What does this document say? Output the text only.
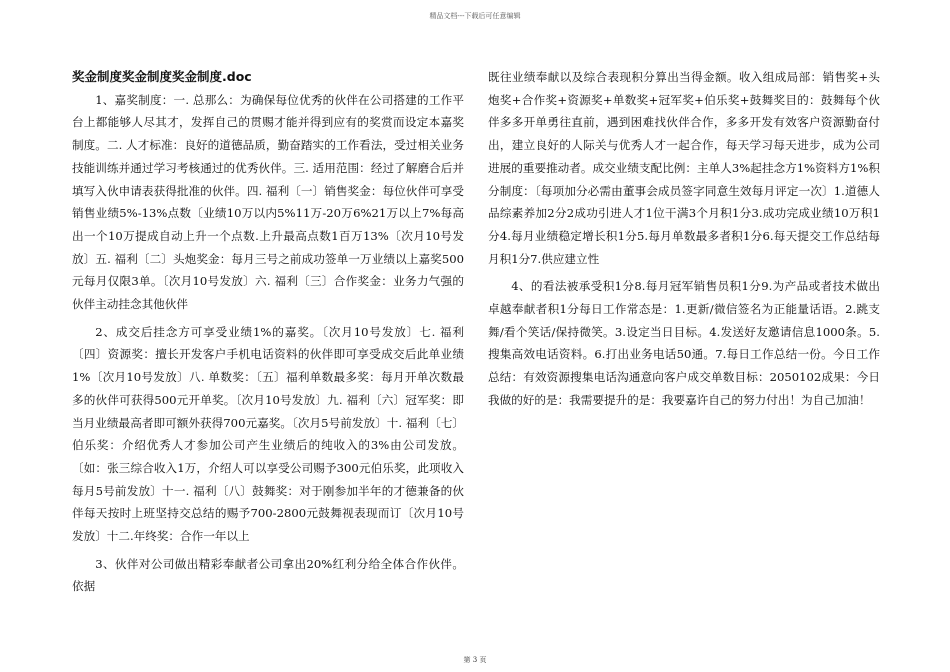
精品文档---下载后可任意编辑
奖金制度奖金制度奖金制度.doc

1、嘉奖制度：一. 总那么：为确保每位优秀的伙伴在公司搭建的工作平台上都能够人尽其才，发挥自己的贯赐才能并得到应有的奖赏而设定本嘉奖制度。二. 人才标准：良好的道德品质，勤奋踏实的工作看法，受过相关业务技能训练并通过学习考核通过的优秀伙伴。三. 适用范围：经过了解磨合后并填写入伙申请表获得批准的伙伴。四. 福利〔一〕销售奖金：每位伙伴可享受销售业绩5%-13%点数〔业绩10万以内5%11万-20万6%21万以上7%每高出一个10万提成自动上升一个点数.上升最高点数1百万13%〔次月10号发放〕五. 福利〔二〕头炮奖金：每月三号之前成功签单一万业绩以上嘉奖500元每月仅限3单。〔次月10号发放〕六. 福利〔三〕合作奖金：业务力气强的伙伴主动挂念其他伙伴

2、成交后挂念方可享受业绩1%的嘉奖。〔次月10号发放〕七. 福利〔四〕资源奖：擅长开发客户手机电话资料的伙伴即可享受成交后此单业绩1%〔次月10号发放〕八. 单数奖：〔五〕福利单数最多奖：每月开单次数最多的伙伴可获得500元开单奖。〔次月10号发放〕九. 福利〔六〕冠军奖：即当月业绩最高者即可额外获得700元嘉奖。〔次月5号前发放〕十. 福利〔七〕伯乐奖：介绍优秀人才参加公司产生业绩后的纯收入的3%由公司发放。〔如：张三综合收入1万，介绍人可以享受公司赐予300元伯乐奖，此项收入每月5号前发放〕十一. 福利〔八〕鼓舞奖：对于刚参加半年的才德兼备的伙伴每天按时上班坚持交总结的赐予700-2800元鼓舞视表现而订〔次月10号发放〕十二.年终奖：合作一年以上

3、伙伴对公司做出精彩奉献者公司拿出20%红利分给全体合作伙伴。依据

既往业绩奉献以及综合表现积分算出当得金额。收入组成局部：销售奖+头炮奖+合作奖+资源奖+单数奖+冠军奖+伯乐奖+鼓舞奖目的：鼓舞每个伙伴多多开单勇往直前，遇到困难找伙伴合作，多多开发有效客户资源勤奋付出，建立良好的人际关与优秀人才一起合作，每天学习每天进步，成为公司进展的重要推动者。成交业绩支配比例：主单人3%起挂念方1%资料方1%积分制度：〔每项加分必需由董事会成员签字同意生效每月评定一次〕1.道德人品综素养加2分2成功引进人才1位干满3个月积1分3.成功完成业绩10万积1分4.每月业绩稳定增长积1分5.每月单数最多者积1分6.每天提交工作总结每月积1分7.供应建立性

4、的看法被承受积1分8.每月冠军销售员积1分9.为产品或者技术做出卓越奉献者积1分每日工作常态是：1.更新/微信签名为正能量话语。2.跳支舞/看个笑话/保持微笑。3.设定当日目标。4.发送好友邀请信息1000条。5.搜集高效电话资料。6.打出业务电话50通。7.每日工作总结一份。今日工作总结：有效资源搜集电话沟通意向客户成交单数目标：2050102成果：今日我做的好的是：我需要提升的是：我要嘉许自己的努力付出！为自己加油！

第 3 页
